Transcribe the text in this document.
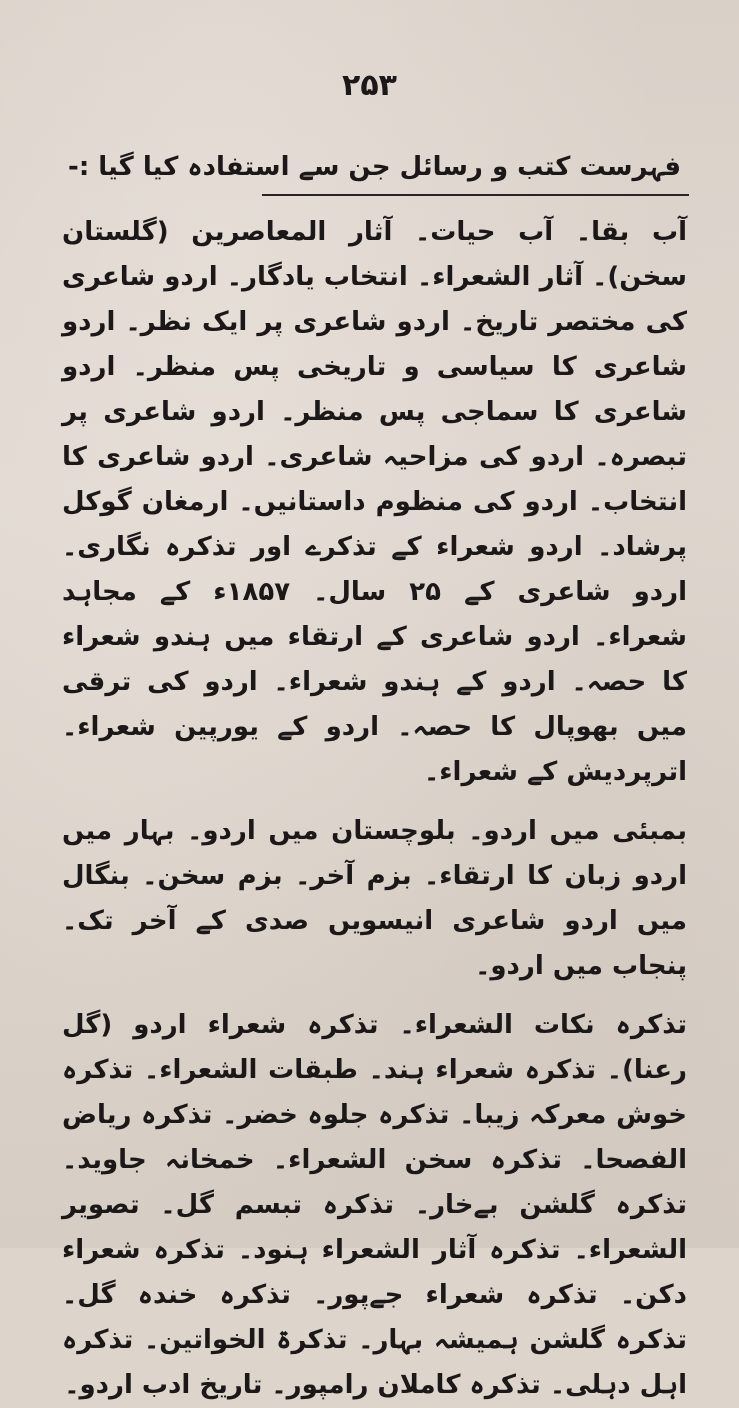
۲۵۳
فہرست کتب و رسائل جن سے استفادہ کیا گیا :-

آب بقا۔ آب حیات۔ آثار المعاصرین (گلستان سخن)۔ آثار الشعراء۔ انتخاب یادگار۔ اردو شاعری کی مختصر تاریخ۔ اردو شاعری پر ایک نظر۔ اردو شاعری کا سیاسی و تاریخی پس منظر۔ اردو شاعری کا سماجی پس منظر۔ اردو شاعری پر تبصرہ۔ اردو کی مزاحیہ شاعری۔ اردو شاعری کا انتخاب۔ اردو کی منظوم داستانیں۔ ارمغان گوکل پرشاد۔ اردو شعراء کے تذکرے اور تذکرہ نگاری۔ اردو شاعری کے ۲۵ سال۔ ۱۸۵۷ء کے مجاہد شعراء۔ اردو شاعری کے ارتقاء میں ہندو شعراء کا حصہ۔ اردو کے ہندو شعراء۔ اردو کی ترقی میں بھوپال کا حصہ۔ اردو کے یورپین شعراء۔ اترپردیش کے شعراء۔

بمبئی میں اردو۔ بلوچستان میں اردو۔ بہار میں اردو زبان کا ارتقاء۔ بزم آخر۔ بزم سخن۔ بنگال میں اردو شاعری انیسویں صدی کے آخر تک۔ پنجاب میں اردو۔

تذکرہ نکات الشعراء۔ تذکرہ شعراء اردو (گل رعنا)۔ تذکرہ شعراء ہند۔ طبقات الشعراء۔ تذکرہ خوش معرکہ زیبا۔ تذکرہ جلوہ خضر۔ تذکرہ ریاض الفصحا۔ تذکرہ سخن الشعراء۔ خمخانہ جاوید۔ تذکرہ گلشن بےخار۔ تذکرہ تبسم گل۔ تصویر الشعراء۔ تذکرہ آثار الشعراء ہنود۔ تذکرہ شعراء دکن۔ تذکرہ شعراء جےپور۔ تذکرہ خندہ گل۔ تذکرہ گلشن ہمیشہ بہار۔ تذکرۃ الخواتین۔ تذکرہ اہل دہلی۔ تذکرہ کاملان رامپور۔ تاریخ ادب اردو۔
